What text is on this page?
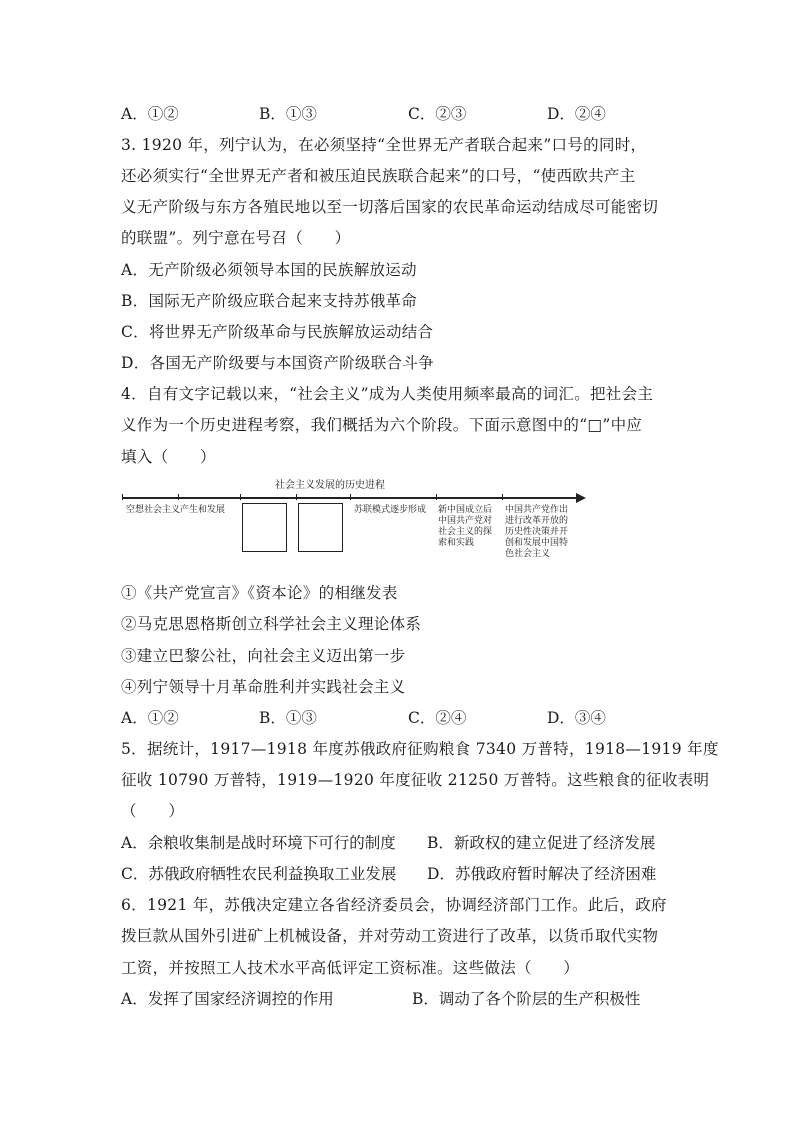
A．①②	B．①③	C．②③	D．②④
3. 1920 年，列宁认为，在必须坚持“全世界无产者联合起来”口号的同时，
还必须实行“全世界无产者和被压迫民族联合起来”的口号，“使西欧共产主
义无产阶级与东方各殖民地以至一切落后国家的农民革命运动结成尽可能密切
的联盟”。列宁意在号召（　　）
A．无产阶级必须领导本国的民族解放运动
B．国际无产阶级应联合起来支持苏俄革命
C．将世界无产阶级革命与民族解放运动结合
D．各国无产阶级要与本国资产阶级联合斗争
4．自有文字记载以来，“社会主义”成为人类使用频率最高的词汇。把社会主
义作为一个历史进程考察，我们概括为六个阶段。下面示意图中的“□”中应
填入（　　）
社会主义发展的历史进程
空想社会主义产生和发展	苏联模式逐步形成 新中国成立后
中国共产党对
社会主义的探
索和实践
中国共产党作出
进行改革开放的
历史性决策并开
创和发展中国特
色社会主义
①《共产党宣言》《资本论》的相继发表
②马克思恩格斯创立科学社会主义理论体系
③建立巴黎公社，向社会主义迈出第一步
④列宁领导十月革命胜利并实践社会主义
A．①②	B．①③	C．②④	D．③④
5．据统计，1917—1918 年度苏俄政府征购粮食 7340 万普特，1918—1919 年度
征收 10790 万普特，1919—1920 年度征收 21250 万普特。这些粮食的征收表明
（　　）
A．余粮收集制是战时环境下可行的制度 B．新政权的建立促进了经济发展
C．苏俄政府牺牲农民利益换取工业发展 D．苏俄政府暂时解决了经济困难
6．1921 年，苏俄决定建立各省经济委员会，协调经济部门工作。此后，政府
拨巨款从国外引进矿上机械设备，并对劳动工资进行了改革，以货币取代实物
工资，并按照工人技术水平高低评定工资标准。这些做法（　　）
A．发挥了国家经济调控的作用	B．调动了各个阶层的生产积极性
